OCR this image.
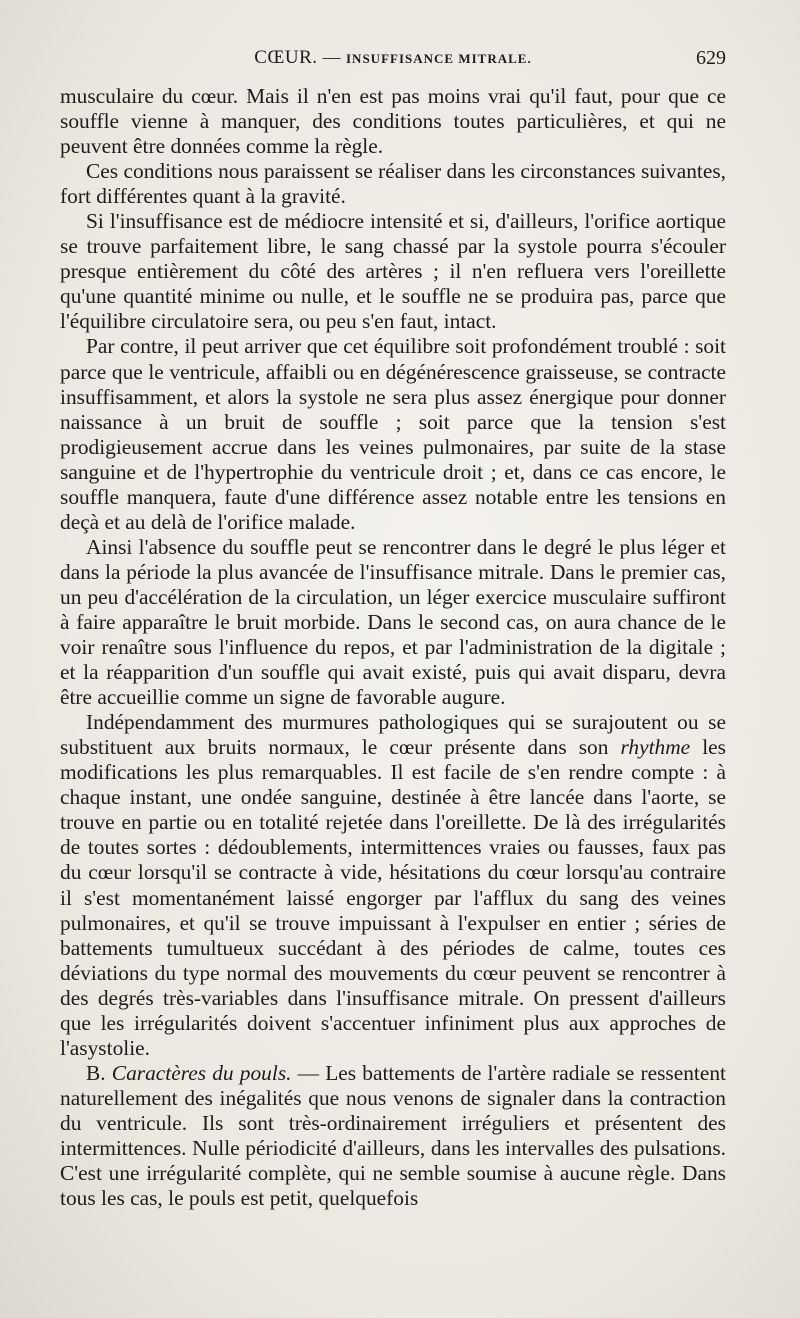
CŒUR. — INSUFFISANCE MITRALE.	629

musculaire du cœur. Mais il n'en est pas moins vrai qu'il faut, pour que ce souffle vienne à manquer, des conditions toutes particulières, et qui ne peuvent être données comme la règle.

Ces conditions nous paraissent se réaliser dans les circonstances suivantes, fort différentes quant à la gravité.

Si l'insuffisance est de médiocre intensité et si, d'ailleurs, l'orifice aortique se trouve parfaitement libre, le sang chassé par la systole pourra s'écouler presque entièrement du côté des artères ; il n'en refluera vers l'oreillette qu'une quantité minime ou nulle, et le souffle ne se produira pas, parce que l'équilibre circulatoire sera, ou peu s'en faut, intact.

Par contre, il peut arriver que cet équilibre soit profondément troublé : soit parce que le ventricule, affaibli ou en dégénérescence graisseuse, se contracte insuffisamment, et alors la systole ne sera plus assez énergique pour donner naissance à un bruit de souffle ; soit parce que la tension s'est prodigieusement accrue dans les veines pulmonaires, par suite de la stase sanguine et de l'hypertrophie du ventricule droit ; et, dans ce cas encore, le souffle manquera, faute d'une différence assez notable entre les tensions en deçà et au delà de l'orifice malade.

Ainsi l'absence du souffle peut se rencontrer dans le degré le plus léger et dans la période la plus avancée de l'insuffisance mitrale. Dans le premier cas, un peu d'accélération de la circulation, un léger exercice musculaire suffiront à faire apparaître le bruit morbide. Dans le second cas, on aura chance de le voir renaître sous l'influence du repos, et par l'administration de la digitale ; et la réapparition d'un souffle qui avait existé, puis qui avait disparu, devra être accueillie comme un signe de favorable augure.

Indépendamment des murmures pathologiques qui se surajoutent ou se substituent aux bruits normaux, le cœur présente dans son rhythme les modifications les plus remarquables. Il est facile de s'en rendre compte : à chaque instant, une ondée sanguine, destinée à être lancée dans l'aorte, se trouve en partie ou en totalité rejetée dans l'oreillette. De là des irrégularités de toutes sortes : dédoublements, intermittences vraies ou fausses, faux pas du cœur lorsqu'il se contracte à vide, hésitations du cœur lorsqu'au contraire il s'est momentanément laissé engorger par l'afflux du sang des veines pulmonaires, et qu'il se trouve impuissant à l'expulser en entier ; séries de battements tumultueux succédant à des périodes de calme, toutes ces déviations du type normal des mouvements du cœur peuvent se rencontrer à des degrés très-variables dans l'insuffisance mitrale. On pressent d'ailleurs que les irrégularités doivent s'accentuer infiniment plus aux approches de l'asystolie.

B. Caractères du pouls. — Les battements de l'artère radiale se ressentent naturellement des inégalités que nous venons de signaler dans la contraction du ventricule. Ils sont très-ordinairement irréguliers et présentent des intermittences. Nulle périodicité d'ailleurs, dans les intervalles des pulsations. C'est une irrégularité complète, qui ne semble soumise à aucune règle. Dans tous les cas, le pouls est petit, quelquefois
